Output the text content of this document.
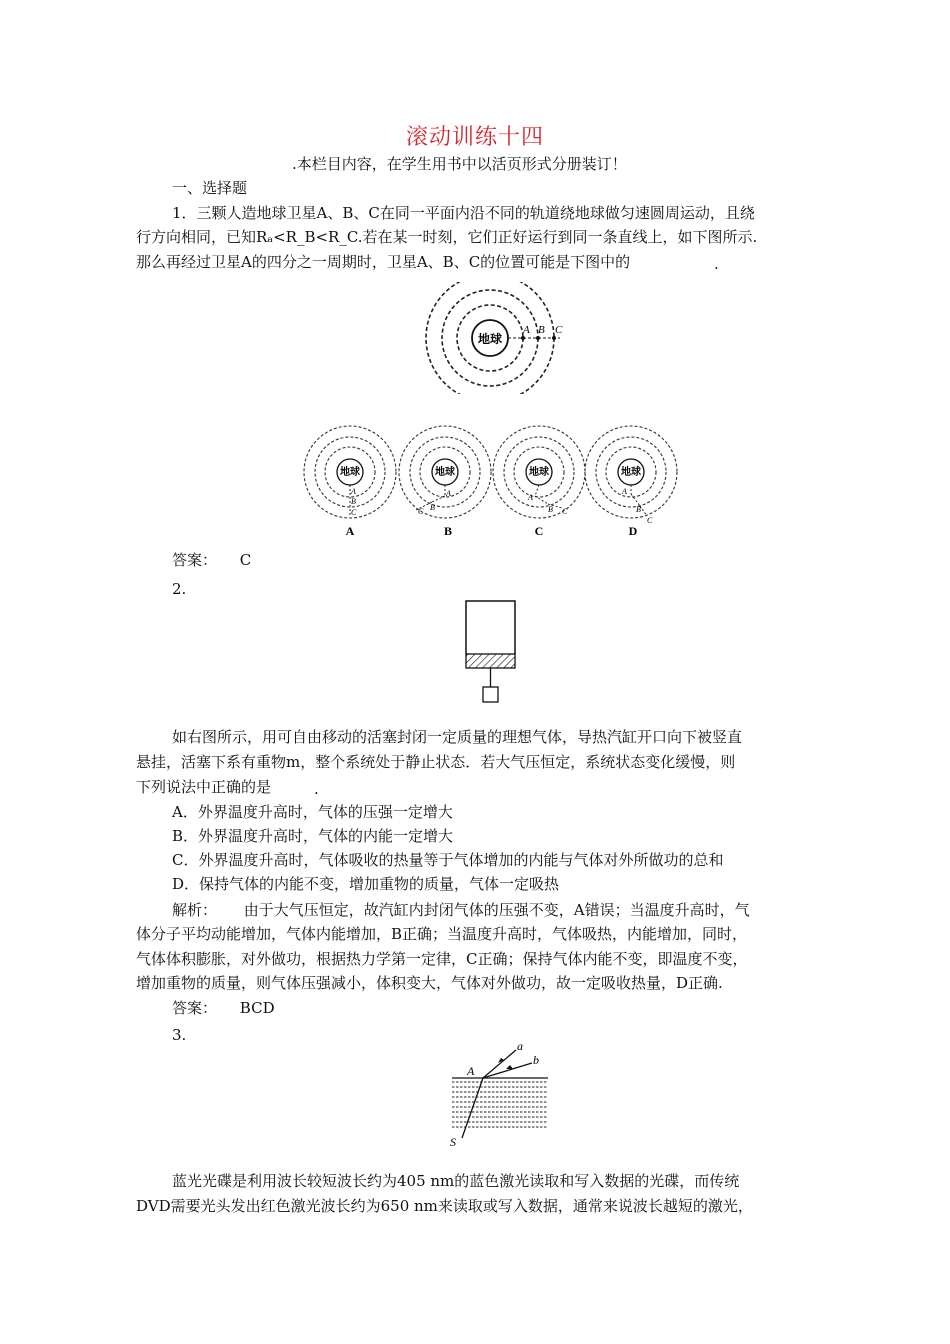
滚动训练十四
.本栏目内容，在学生用书中以活页形式分册装订！
一、选择题
1．三颗人造地球卫星A、B、C在同一平面内沿不同的轨道绕地球做匀速圆周运动，且绕
行方向相同，已知Rₐ<R_B<R_C.若在某一时刻，它们正好运行到同一条直线上，如下图所示.
那么再经过卫星A的四分之一周期时，卫星A、B、C的位置可能是下图中的	.
地球
A B C
地球	地球	地球	地球
A
B
C
A
B
C
A
B C
A
B
C
A	B	C	D
答案： C
2.
如右图所示，用可自由移动的活塞封闭一定质量的理想气体，导热汽缸开口向下被竖直
悬挂，活塞下系有重物m，整个系统处于静止状态．若大气压恒定，系统状态变化缓慢，则
下列说法中正确的是	.
A．外界温度升高时，气体的压强一定增大
B．外界温度升高时，气体的内能一定增大
C．外界温度升高时，气体吸收的热量等于气体增加的内能与气体对外所做功的总和
D．保持气体的内能不变，增加重物的质量，气体一定吸热
解析： 由于大气压恒定，故汽缸内封闭气体的压强不变，A错误；当温度升高时，气
体分子平均动能增加，气体内能增加，B正确；当温度升高时，气体吸热，内能增加，同时，
气体体积膨胀，对外做功，根据热力学第一定律，C正确；保持气体内能不变，即温度不变，
增加重物的质量，则气体压强减小，体积变大，气体对外做功，故一定吸收热量，D正确.
答案： BCD
3.
a
b
A
S
蓝光光碟是利用波长较短波长约为405 nm的蓝色激光读取和写入数据的光碟，而传统
DVD需要光头发出红色激光波长约为650 nm来读取或写入数据，通常来说波长越短的激光，
